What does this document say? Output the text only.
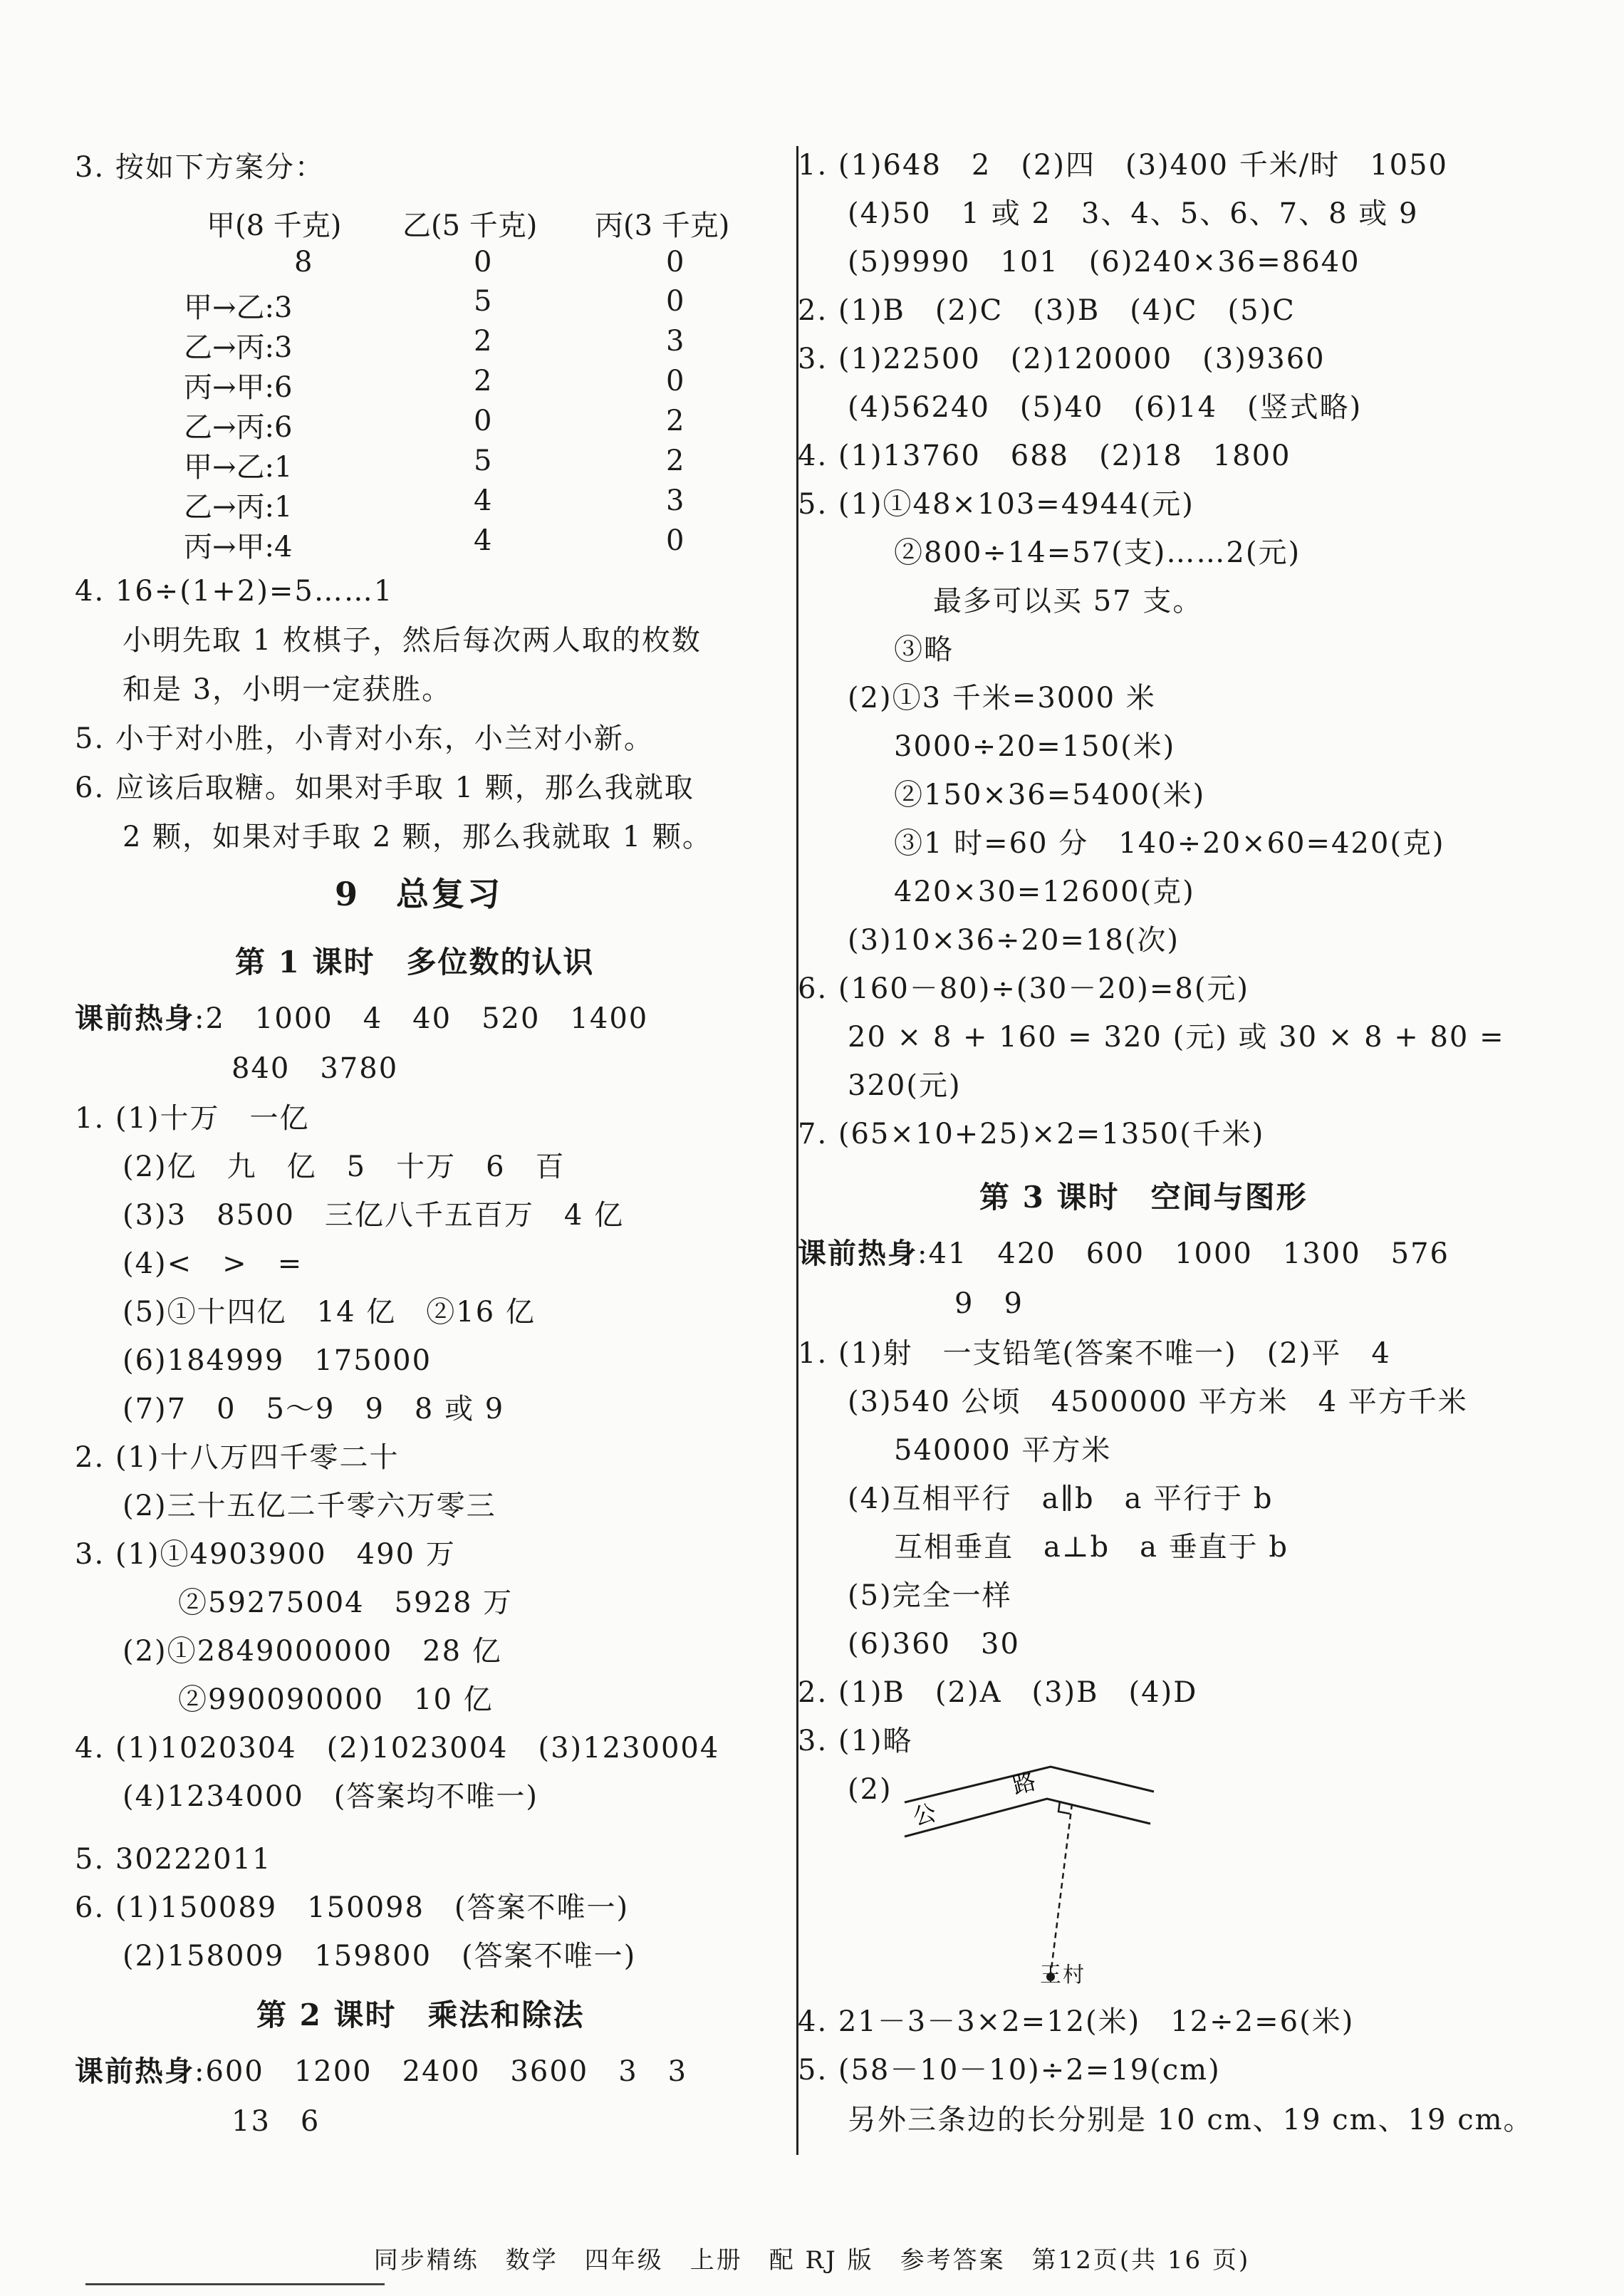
3. 按如下方案分：
甲(8 千克) 乙(5 千克) 丙(3 千克)
8	0	0
甲→乙:3	5	0
乙→丙:3	2	3
丙→甲:6	2	0
乙→丙:6	0	2
甲→乙:1	5	2
乙→丙:1	4	3
丙→甲:4	4	0
4. 16÷(1+2)=5……1
小明先取 1 枚棋子，然后每次两人取的枚数
和是 3，小明一定获胜。
5. 小于对小胜，小青对小东，小兰对小新。
6. 应该后取糖。如果对手取 1 颗，那么我就取
2 颗，如果对手取 2 颗，那么我就取 1 颗。
9　总复习
第 1 课时　多位数的认识
课前热身:2　1000　4　40　520　1400
840　3780
1. (1)十万　一亿
(2)亿　九　亿　5　十万　6　百
(3)3　8500　三亿八千五百万　4 亿
(4)<　>　=
(5)①十四亿　14 亿　②16 亿
(6)184999　175000
(7)7　0　5～9　9　8 或 9
2. (1)十八万四千零二十
(2)三十五亿二千零六万零三
3. (1)①4903900　490 万
②59275004　5928 万
(2)①2849000000　28 亿
②990090000　10 亿
4. (1)1020304　(2)1023004　(3)1230004
(4)1234000　(答案均不唯一)
5. 30222011
6. (1)150089　150098　(答案不唯一)
(2)158009　159800　(答案不唯一)
第 2 课时　乘法和除法
课前热身:600　1200　2400　3600　3　3
13　6
1. (1)648　2　(2)四　(3)400 千米/时　1050
(4)50　1 或 2　3、4、5、6、7、8 或 9
(5)9990　101　(6)240×36=8640
2. (1)B　(2)C　(3)B　(4)C　(5)C
3. (1)22500　(2)120000　(3)9360
(4)56240　(5)40　(6)14　(竖式略)
4. (1)13760　688　(2)18　1800
5. (1)①48×103=4944(元)
②800÷14=57(支)……2(元)
最多可以买 57 支。
③略
(2)①3 千米=3000 米
3000÷20=150(米)
②150×36=5400(米)
③1 时=60 分　140÷20×60=420(克)
420×30=12600(克)
(3)10×36÷20=18(次)
6. (160－80)÷(30－20)=8(元)
20 × 8 + 160 = 320 (元) 或 30 × 8 + 80 =
320(元)
7. (65×10+25)×2=1350(千米)
第 3 课时　空间与图形
课前热身:41　420　600　1000　1300　576
9　9
1. (1)射　一支铅笔(答案不唯一)　(2)平　4
(3)540 公顷　4500000 平方米　4 平方千米
540000 平方米
(4)互相平行　a∥b　a 平行于 b
互相垂直　a⊥b　a 垂直于 b
(5)完全一样
(6)360　30
2. (1)B　(2)A　(3)B　(4)D
3. (1)略
(2)
公
路
王村
4. 21－3－3×2=12(米)　12÷2=6(米)
5. (58－10－10)÷2=19(cm)
另外三条边的长分别是 10 cm、19 cm、19 cm。
同步精练　数学　四年级　上册　配 RJ 版　参考答案　第12页(共 16 页)
